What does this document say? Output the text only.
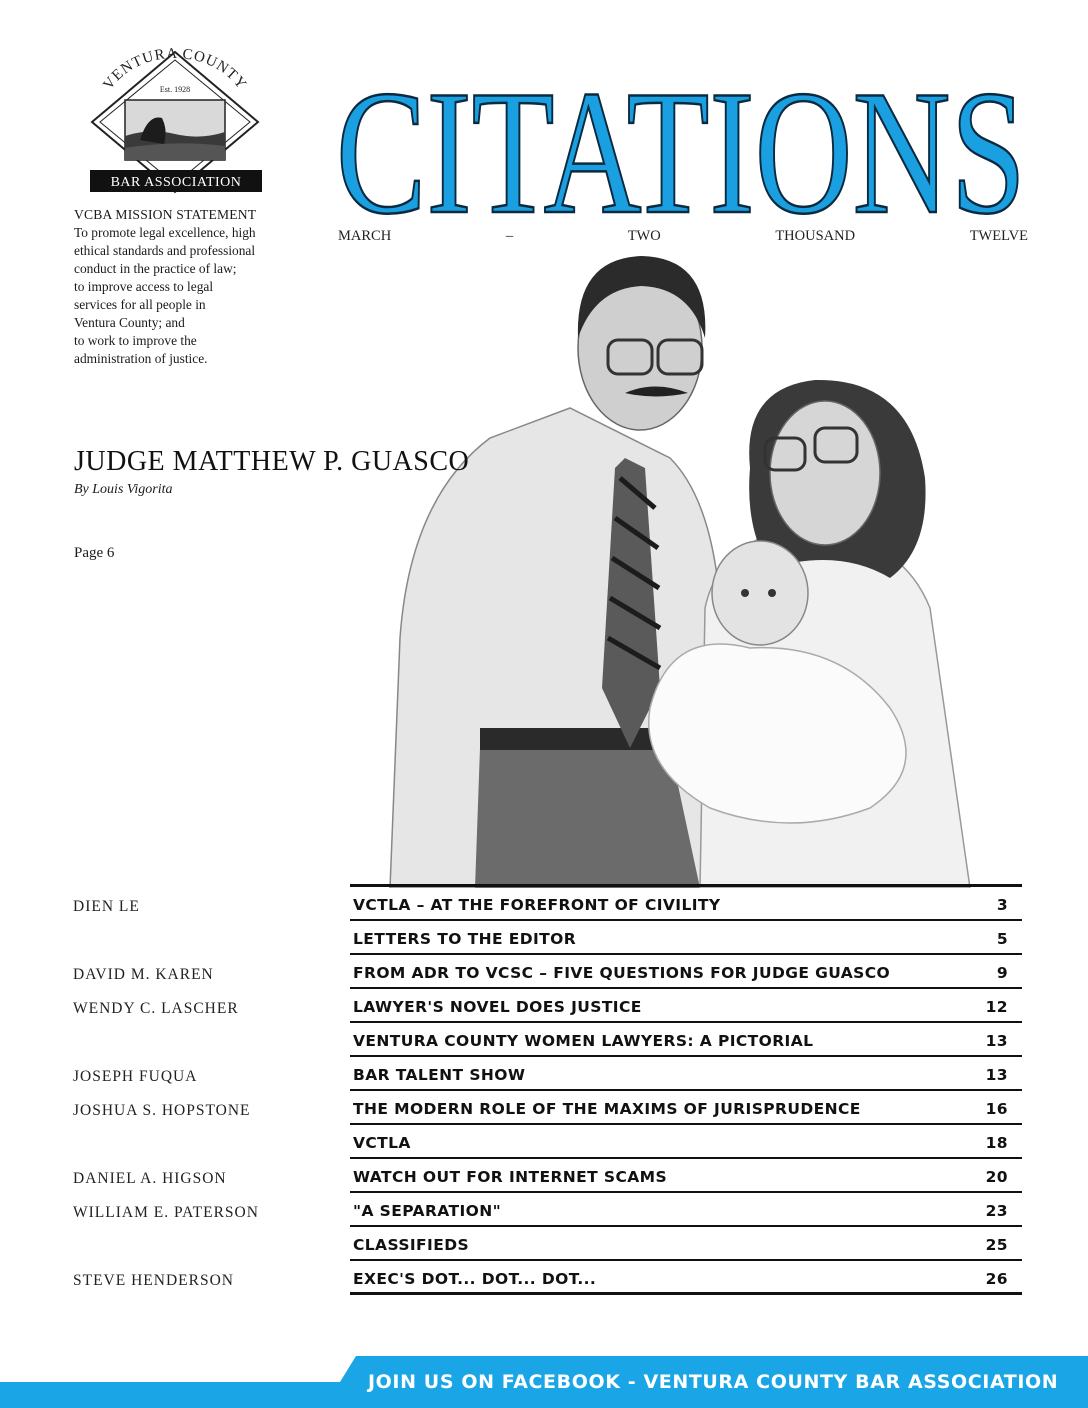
VENTURA COUNTY
Est. 1928
BAR ASSOCIATION
VCBA MISSION STATEMENT
To promote legal excellence, high
ethical standards and professional
conduct in the practice of law;
to improve access to legal
services for all people in
Ventura County; and
to work to improve the
administration of justice.
CITATIONS
MARCH	–	TWO	THOUSAND	TWELVE
JUDGE MATTHEW P. GUASCO
By Louis Vigorita
Page 6
DIEN LE	VCTLA – AT THE FOREFRONT OF CIVILITY	3
LETTERS TO THE EDITOR	5
DAVID M. KAREN	FROM ADR TO VCSC – FIVE QUESTIONS FOR JUDGE GUASCO	9
WENDY C. LASCHER	LAWYER'S NOVEL DOES JUSTICE	12
VENTURA COUNTY WOMEN LAWYERS: A PICTORIAL	13
JOSEPH FUQUA	BAR TALENT SHOW	13
JOSHUA S. HOPSTONE	THE MODERN ROLE OF THE MAXIMS OF JURISPRUDENCE	16
VCTLA	18
DANIEL A. HIGSON	WATCH OUT FOR INTERNET SCAMS	20
WILLIAM E. PATERSON	"A SEPARATION"	23
CLASSIFIEDS	25
STEVE HENDERSON	EXEC'S DOT... DOT... DOT...	26
JOIN US ON FACEBOOK - VENTURA COUNTY BAR ASSOCIATION
